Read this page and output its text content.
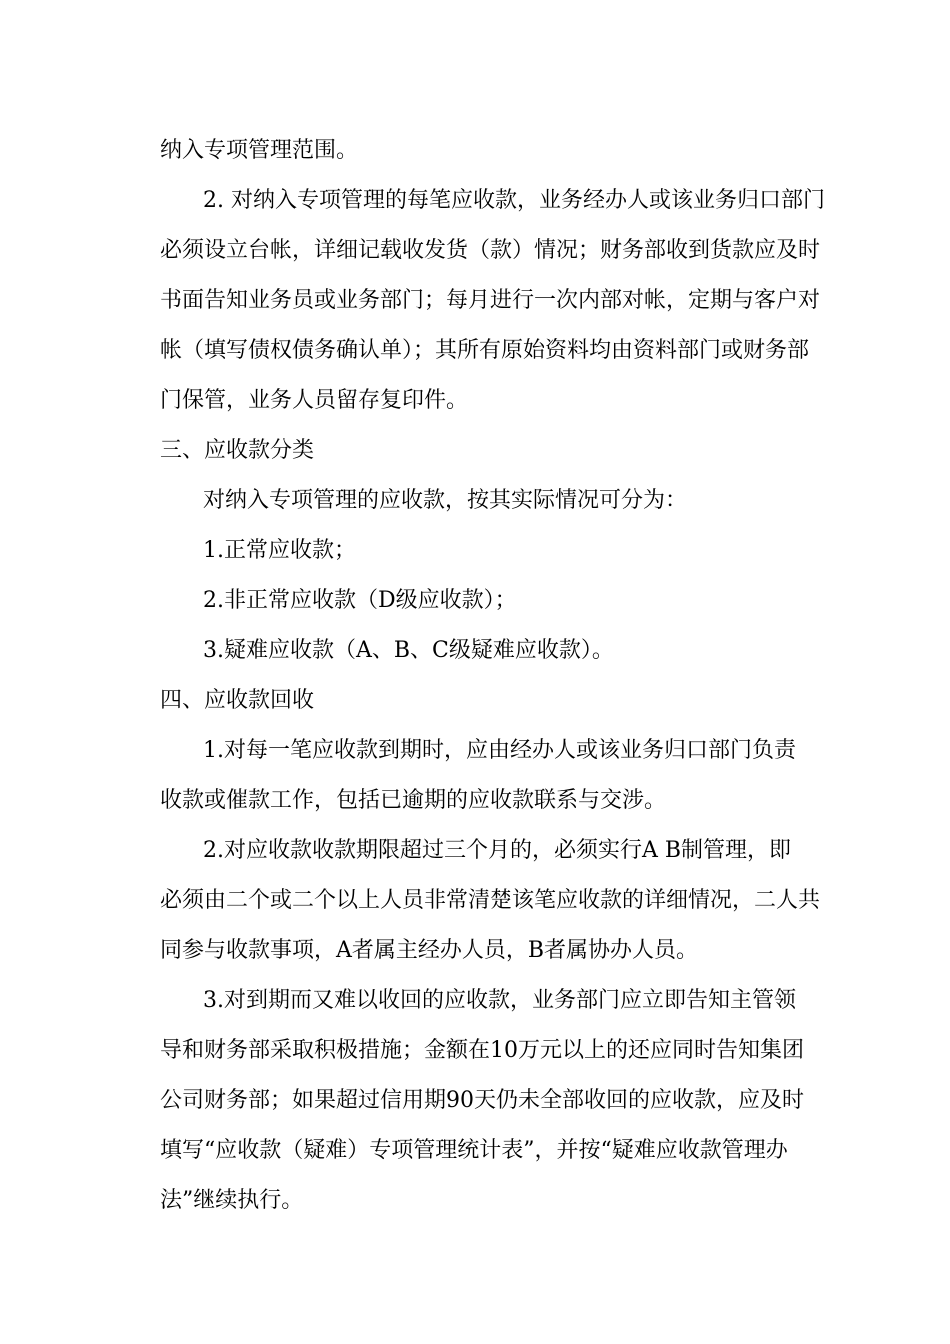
纳入专项管理范围。

2. 对纳入专项管理的每笔应收款，业务经办人或该业务归口部门

必须设立台帐，详细记载收发货（款）情况；财务部收到货款应及时

书面告知业务员或业务部门；每月进行一次内部对帐，定期与客户对

帐（填写债权债务确认单）；其所有原始资料均由资料部门或财务部

门保管，业务人员留存复印件。

三、应收款分类

对纳入专项管理的应收款，按其实际情况可分为：

1.正常应收款；

2.非正常应收款（D级应收款）；

3.疑难应收款（A、B、C级疑难应收款）。

四、应收款回收

1.对每一笔应收款到期时，应由经办人或该业务归口部门负责

收款或催款工作，包括已逾期的应收款联系与交涉。

2.对应收款收款期限超过三个月的，必须实行A B制管理，即

必须由二个或二个以上人员非常清楚该笔应收款的详细情况，二人共

同参与收款事项，A者属主经办人员，B者属协办人员。

3.对到期而又难以收回的应收款，业务部门应立即告知主管领

导和财务部采取积极措施；金额在10万元以上的还应同时告知集团

公司财务部；如果超过信用期90天仍未全部收回的应收款，应及时

填写“应收款（疑难）专项管理统计表”，并按“疑难应收款管理办

法”继续执行。
